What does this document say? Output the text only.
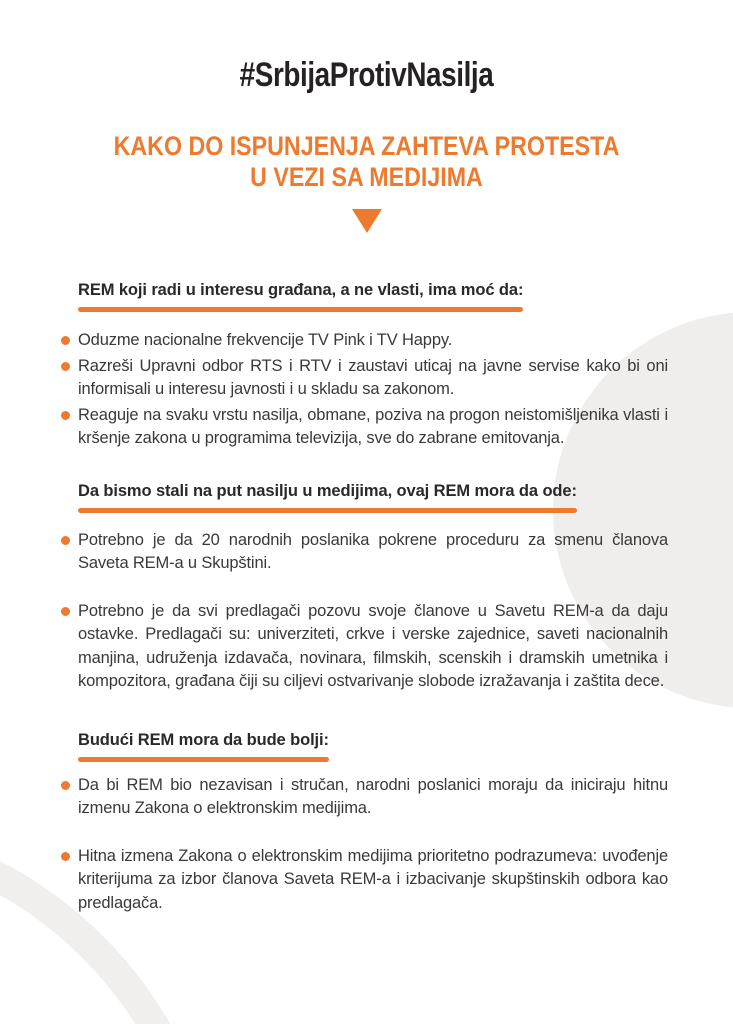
#SrbijaProtivNasilja
KAKO DO ISPUNJENJA ZAHTEVA PROTESTA
U VEZI SA MEDIJIMA
REM koji radi u interesu građana, a ne vlasti, ima moć da:
Oduzme nacionalne frekvencije TV Pink i TV Happy.
Razreši Upravni odbor RTS i RTV i zaustavi uticaj na javne servise kako bi oni informisali u interesu javnosti i u skladu sa zakonom.
Reaguje na svaku vrstu nasilja, obmane, poziva na progon neistomišljenika vlasti i kršenje zakona u programima televizija, sve do zabrane emitovanja.
Da bismo stali na put nasilju u medijima, ovaj REM mora da ode:
Potrebno je da 20 narodnih poslanika pokrene proceduru za smenu članova Saveta REM-a u Skupštini.
Potrebno je da svi predlagači pozovu svoje članove u Savetu REM-a da daju ostavke. Predlagači su: univerziteti, crkve i verske zajednice, saveti nacionalnih manjina, udruženja izdavača, novinara, filmskih, scenskih i dramskih umetnika i kompozitora, građana čiji su ciljevi ostvarivanje slobode izražavanja i zaštita dece.
Budući REM mora da bude bolji:
Da bi REM bio nezavisan i stručan, narodni poslanici moraju da iniciraju hitnu izmenu Zakona o elektronskim medijima.
Hitna izmena Zakona o elektronskim medijima prioritetno podrazumeva: uvođenje kriterijuma za izbor članova Saveta REM-a i izbacivanje skupštinskih odbora kao predlagača.
